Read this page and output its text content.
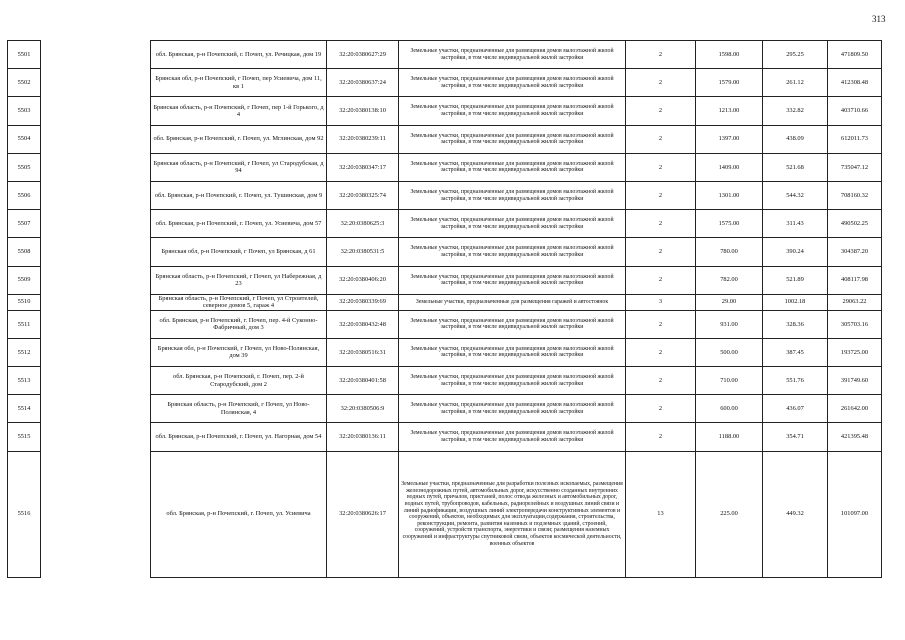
313
5501		обл. Брянская, р-н Почепский, г. Почеп, ул. Речицкая, дом 19	32:20:0380627:29	Земельные участки, предназначенные для размещения домов малоэтажной жилой застройки, в том числе индивидуальной жилой застройки	2	1598.00	295.25	471809.50
5502		Брянская обл, р-н Почепский, г Почеп, пер Усиевича, дом 11, кв 1	32:20:0380637:24	Земельные участки, предназначенные для размещения домов малоэтажной жилой застройки, в том числе индивидуальной жилой застройки	2	1579.00	261.12	412308.48
5503		Брянская область, р-н Почепский, г Почеп, пер 1-й Горького, д 4	32:20:0380138:10	Земельные участки, предназначенные для размещения домов малоэтажной жилой застройки, в том числе индивидуальной жилой застройки	2	1213.00	332.82	403710.66
5504		обл. Брянская, р-н Почепский, г. Почеп, ул. Мглинская, дом 92	32:20:0380239:11	Земельные участки, предназначенные для размещения домов малоэтажной жилой застройки, в том числе индивидуальной жилой застройки	2	1397.00	438.09	612011.73
5505		Брянская область, р-н Почепский, г Почеп, ул Стародубская, д 94	32:20:0380347:17	Земельные участки, предназначенные для размещения домов малоэтажной жилой застройки, в том числе индивидуальной жилой застройки	2	1409.00	521.68	735047.12
5506		обл. Брянская, р-н Почепский, г. Почеп, ул. Тушинская, дом 9	32:20:0380325:74	Земельные участки, предназначенные для размещения домов малоэтажной жилой застройки, в том числе индивидуальной жилой застройки	2	1301.00	544.32	708160.32
5507		обл. Брянская, р-н Почепский, г. Почеп, ул. Усиевича, дом 57	32:20:0380625:3	Земельные участки, предназначенные для размещения домов малоэтажной жилой застройки, в том числе индивидуальной жилой застройки	2	1575.00	311.43	490502.25
5508		Брянская обл, р-н Почепский, г Почеп, ул Брянская, д 61	32:20:0380531:5	Земельные участки, предназначенные для размещения домов малоэтажной жилой застройки, в том числе индивидуальной жилой застройки	2	780.00	390.24	304387.20
5509		Брянская область, р-н Почепский, г Почеп, ул Набережная, д 23	32:20:0380406:20	Земельные участки, предназначенные для размещения домов малоэтажной жилой застройки, в том числе индивидуальной жилой застройки	2	782.00	521.89	408117.98
5510		Брянская область, р-н Почепский, г Почеп, ул Строителей, северное домов 5, гараж 4	32:20:0380339:69	Земельные участки, предназначенные для размещения гаражей и автостоянок	3	29.00	1002.18	29063.22
5511		обл. Брянская, р-н Почепский, г. Почеп, пер. 4-й Суконно-Фабричный, дом 3	32:20:0380432:48	Земельные участки, предназначенные для размещения домов малоэтажной жилой застройки, в том числе индивидуальной жилой застройки	2	931.00	328.36	305703.16
5512		Брянская обл, р-н Почепский, г Почеп, ул Ново-Полянская, дом 39	32:20:0380516:31	Земельные участки, предназначенные для размещения домов малоэтажной жилой застройки, в том числе индивидуальной жилой застройки	2	500.00	387.45	193725.00
5513		обл. Брянская, р-н Почепский, г. Почеп, пер. 2-й Стародубский, дом 2	32:20:0380401:58	Земельные участки, предназначенные для размещения домов малоэтажной жилой застройки, в том числе индивидуальной жилой застройки	2	710.00	551.76	391749.60
5514		Брянская область, р-н Почепский, г Почеп, ул Ново-Полянская, 4	32:20:0380506:9	Земельные участки, предназначенные для размещения домов малоэтажной жилой застройки, в том числе индивидуальной жилой застройки	2	600.00	436.07	261642.00
5515		обл. Брянская, р-н Почепский, г. Почеп, ул. Нагорная, дом 54	32:20:0380136:11	Земельные участки, предназначенные для размещения домов малоэтажной жилой застройки, в том числе индивидуальной жилой застройки	2	1188.00	354.71	421395.48
5516		обл. Брянская, р-н Почепский, г. Почеп, ул. Усиевича	32:20:0380626:17	Земельные участки, предназначенные для разработки полезных ископаемых, размещения железнодорожных путей, автомобильных дорог, искусственно созданных внутренних водных путей, причалов, пристаней, полос отвода железных и автомобильных дорог, водных путей, трубопроводов, кабельных, радиорелейных и воздушных линий связи и линий радиофикации, воздушных линий электропередачи конструктивных элементов и сооружений, объектов, необходимых для эксплуатации,содержания, строительства, реконструкции, ремонта, развития наземных и подземных зданий, строений, сооружений, устройств транспорта, энергетики и связи; размещения наземных сооружений и инфраструктуры спутниковой связи, объектов космической деятельности, военных объектов	13	225.00	449.32	101097.00
